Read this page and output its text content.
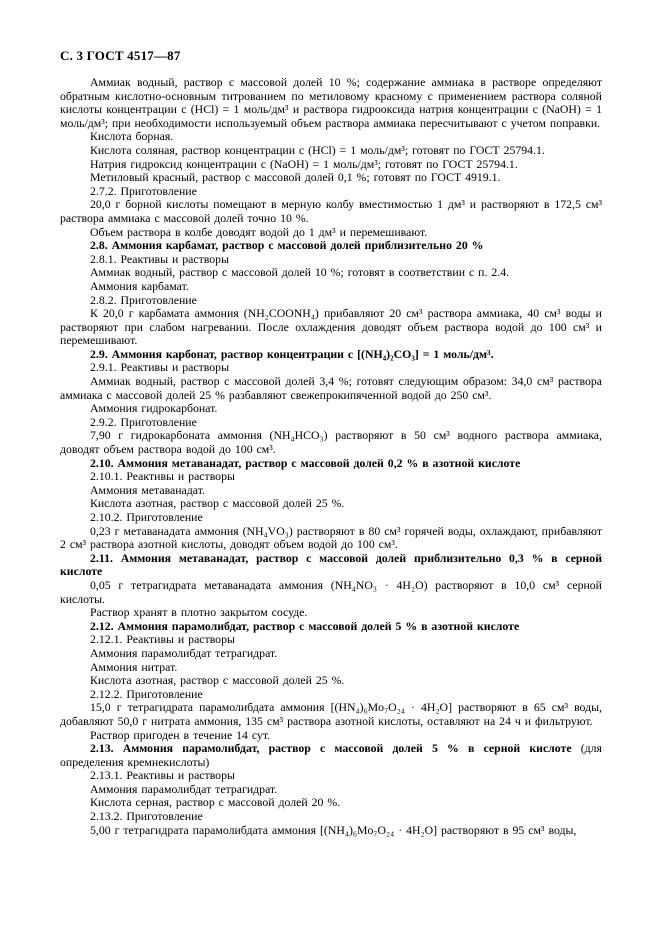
С. 3 ГОСТ 4517—87

Аммиак водный, раствор с массовой долей 10 %; содержание аммиака в растворе определяют обратным кислотно-основным титрованием по метиловому красному с применением раствора соляной кислоты концентрации c (HCl) = 1 моль/дм³ и раствора гидрооксида натрия концентрации c (NaOH) = 1 моль/дм³; при необходимости используемый объем раствора аммиака пересчитывают с учетом поправки.

Кислота борная.

Кислота соляная, раствор концентрации c (HCl) = 1 моль/дм³; готовят по ГОСТ 25794.1.

Натрия гидроксид концентрации c (NaOH) = 1 моль/дм³; готовят по ГОСТ 25794.1.

Метиловый красный, раствор с массовой долей 0,1 %; готовят по ГОСТ 4919.1.

2.7.2. Приготовление

20,0 г борной кислоты помещают в мерную колбу вместимостью 1 дм³ и растворяют в 172,5 см³ раствора аммиака с массовой долей точно 10 %.

Объем раствора в колбе доводят водой до 1 дм³ и перемешивают.

2.8. Аммония карбамат, раствор с массовой долей приблизительно 20 %

2.8.1. Реактивы и растворы

Аммиак водный, раствор с массовой долей 10 %; готовят в соответствии с п. 2.4.

Аммония карбамат.

2.8.2. Приготовление

К 20,0 г карбамата аммония (NH₂COONH₄) прибавляют 20 см³ раствора аммиака, 40 см³ воды и растворяют при слабом нагревании. После охлаждения доводят объем раствора водой до 100 см³ и перемешивают.

2.9. Аммония карбонат, раствор концентрации c [(NH₄)₂CO₃] = 1 моль/дм³.

2.9.1. Реактивы и растворы

Аммиак водный, раствор с массовой долей 3,4 %; готовят следующим образом: 34,0 см³ раствора аммиака с массовой долей 25 % разбавляют свежепрокипяченной водой до 250 см³.

Аммония гидрокарбонат.

2.9.2. Приготовление

7,90 г гидрокарбоната аммония (NH₄HCO₃) растворяют в 50 см³ водного раствора аммиака, доводят объем раствора водой до 100 см³.

2.10. Аммония метаванадат, раствор с массовой долей 0,2 % в азотной кислоте

2.10.1. Реактивы и растворы

Аммония метаванадат.

Кислота азотная, раствор с массовой долей 25 %.

2.10.2. Приготовление

0,23 г метаванадата аммония (NH₄VO₃) растворяют в 80 см³ горячей воды, охлаждают, прибавляют 2 см³ раствора азотной кислоты, доводят объем водой до 100 см³.

2.11. Аммония метаванадат, раствор с массовой долей приблизительно 0,3 % в серной кислоте

0,05 г тетрагидрата метаванадата аммония (NH₄NO₃ · 4H₂O) растворяют в 10,0 см³ серной кислоты.

Раствор хранят в плотно закрытом сосуде.

2.12. Аммония парамолибдат, раствор с массовой долей 5 % в азотной кислоте

2.12.1. Реактивы и растворы

Аммония парамолибдат тетрагидрат.

Аммония нитрат.

Кислота азотная, раствор с массовой долей 25 %.

2.12.2. Приготовление

15,0 г тетрагидрата парамолибдата аммония [(HN₄)₆Mo₇O₂₄ · 4H₂O] растворяют в 65 см³ воды, добавляют 50,0 г нитрата аммония, 135 см³ раствора азотной кислоты, оставляют на 24 ч и фильтруют.

Раствор пригоден в течение 14 сут.

2.13. Аммония парамолибдат, раствор с массовой долей 5 % в серной кислоте (для определения кремнекислоты)

2.13.1. Реактивы и растворы

Аммония парамолибдат тетрагидрат.

Кислота серная, раствор с массовой долей 20 %.

2.13.2. Приготовление

5,00 г тетрагидрата парамолибдата аммония [(NH₄)₆Mo₇O₂₄ · 4H₂O] растворяют в 95 см³ воды,
